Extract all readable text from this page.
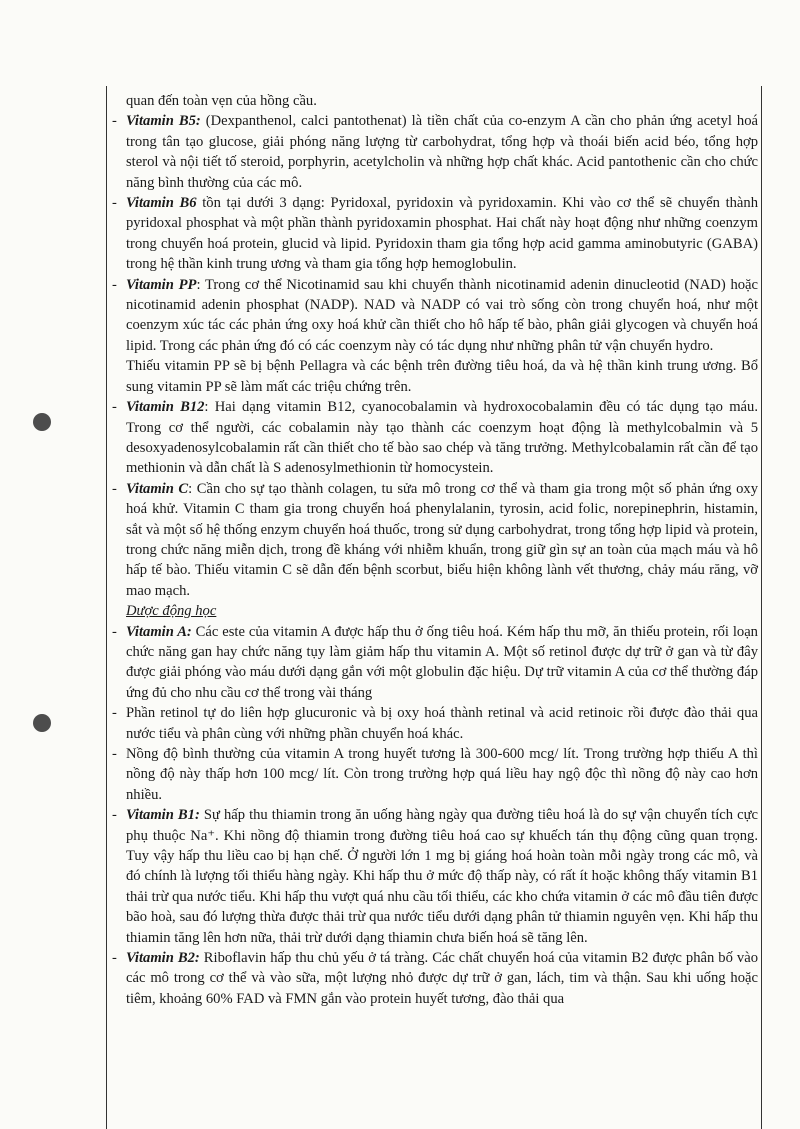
quan đến toàn vẹn của hồng cầu.

- Vitamin B5: (Dexpanthenol, calci pantothenat) là tiền chất của co-enzym A cần cho phản ứng acetyl hoá trong tân tạo glucose, giải phóng năng lượng từ carbohydrat, tổng hợp và thoái biến acid béo, tổng hợp sterol và nội tiết tố steroid, porphyrin, acetylcholin và những hợp chất khác. Acid pantothenic cần cho chức năng bình thường của các mô.

- Vitamin B6 tồn tại dưới 3 dạng: Pyridoxal, pyridoxin và pyridoxamin. Khi vào cơ thể sẽ chuyển thành pyridoxal phosphat và một phần thành pyridoxamin phosphat. Hai chất này hoạt động như những coenzym trong chuyển hoá protein, glucid và lipid. Pyridoxin tham gia tổng hợp acid gamma aminobutyric (GABA) trong hệ thần kinh trung ương và tham gia tổng hợp hemoglobulin.

- Vitamin PP: Trong cơ thể Nicotinamid sau khi chuyển thành nicotinamid adenin dinucleotid (NAD) hoặc nicotinamid adenin phosphat (NADP). NAD và NADP có vai trò sống còn trong chuyển hoá, như một coenzym xúc tác các phản ứng oxy hoá khử cần thiết cho hô hấp tế bào, phân giải glycogen và chuyển hoá lipid. Trong các phản ứng đó có các coenzym này có tác dụng như những phân tử vận chuyển hydro.

Thiếu vitamin PP sẽ bị bệnh Pellagra và các bệnh trên đường tiêu hoá, da và hệ thần kinh trung ương. Bổ sung vitamin PP sẽ làm mất các triệu chứng trên.

- Vitamin B12: Hai dạng vitamin B12, cyanocobalamin và hydroxocobalamin đều có tác dụng tạo máu. Trong cơ thể người, các cobalamin này tạo thành các coenzym hoạt động là methylcobalmin và 5 desoxyadenosylcobalamin rất cần thiết cho tế bào sao chép và tăng trưởng. Methylcobalamin rất cần để tạo methionin và dẫn chất là S adenosylmethionin từ homocystein.

- Vitamin C: Cần cho sự tạo thành colagen, tu sửa mô trong cơ thể và tham gia trong một số phản ứng oxy hoá khử. Vitamin C tham gia trong chuyển hoá phenylalanin, tyrosin, acid folic, norepinephrin, histamin, sắt và một số hệ thống enzym chuyển hoá thuốc, trong sử dụng carbohydrat, trong tổng hợp lipid và protein, trong chức năng miễn dịch, trong đề kháng với nhiễm khuẩn, trong giữ gìn sự an toàn của mạch máu và hô hấp tế bào. Thiếu vitamin C sẽ dẫn đến bệnh scorbut, biểu hiện không lành vết thương, chảy máu răng, vỡ mao mạch.

Dược động học

- Vitamin A: Các este của vitamin A được hấp thu ở ống tiêu hoá. Kém hấp thu mỡ, ăn thiếu protein, rối loạn chức năng gan hay chức năng tụy làm giảm hấp thu vitamin A. Một số retinol được dự trữ ở gan và từ đây được giải phóng vào máu dưới dạng gắn với một globulin đặc hiệu. Dự trữ vitamin A của cơ thể thường đáp ứng đủ cho nhu cầu cơ thể trong vài tháng

- Phần retinol tự do liên hợp glucuronic và bị oxy hoá thành retinal và acid retinoic rồi được đào thải qua nước tiểu và phân cùng với những phần chuyển hoá khác.

- Nồng độ bình thường của vitamin A trong huyết tương là 300-600 mcg/ lít. Trong trường hợp thiếu A thì nồng độ này thấp hơn 100 mcg/ lít. Còn trong trường hợp quá liều hay ngộ độc thì nồng độ này cao hơn nhiều.

- Vitamin B1: Sự hấp thu thiamin trong ăn uống hàng ngày qua đường tiêu hoá là do sự vận chuyển tích cực phụ thuộc Na⁺. Khi nồng độ thiamin trong đường tiêu hoá cao sự khuếch tán thụ động cũng quan trọng. Tuy vậy hấp thu liều cao bị hạn chế. Ở người lớn 1 mg bị giáng hoá hoàn toàn mỗi ngày trong các mô, và đó chính là lượng tối thiểu hàng ngày. Khi hấp thu ở mức độ thấp này, có rất ít hoặc không thấy vitamin B1 thải trừ qua nước tiểu. Khi hấp thu vượt quá nhu cầu tối thiểu, các kho chứa vitamin ở các mô đầu tiên được bão hoà, sau đó lượng thừa được thải trừ qua nước tiểu dưới dạng phân tử thiamin nguyên vẹn. Khi hấp thu thiamin tăng lên hơn nữa, thải trừ dưới dạng thiamin chưa biến hoá sẽ tăng lên.

- Vitamin B2: Riboflavin hấp thu chủ yếu ở tá tràng. Các chất chuyển hoá của vitamin B2 được phân bố vào các mô trong cơ thể và vào sữa, một lượng nhỏ được dự trữ ở gan, lách, tim và thận. Sau khi uống hoặc tiêm, khoảng 60% FAD và FMN gắn vào protein huyết tương, đào thải qua
